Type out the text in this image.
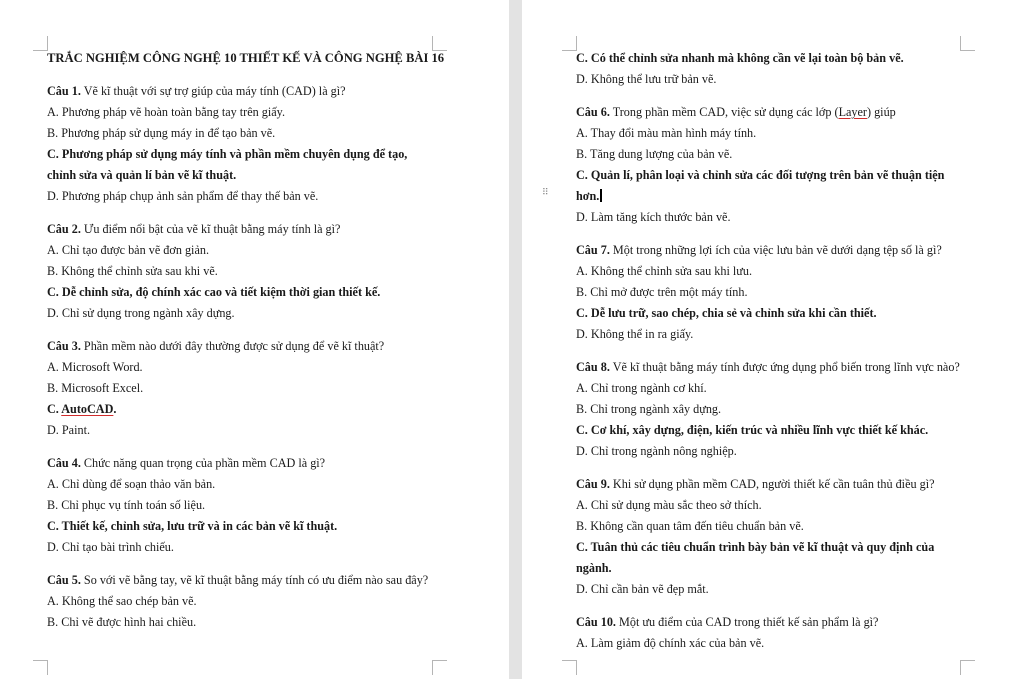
TRẮC NGHIỆM CÔNG NGHỆ 10 THIẾT KẾ VÀ CÔNG NGHỆ BÀI 16
Câu 1. Vẽ kĩ thuật với sự trợ giúp của máy tính (CAD) là gì?
A. Phương pháp vẽ hoàn toàn bằng tay trên giấy.
B. Phương pháp sử dụng máy in để tạo bản vẽ.
C. Phương pháp sử dụng máy tính và phần mềm chuyên dụng để tạo,
chỉnh sửa và quản lí bản vẽ kĩ thuật.
D. Phương pháp chụp ảnh sản phẩm để thay thế bản vẽ.
Câu 2. Ưu điểm nổi bật của vẽ kĩ thuật bằng máy tính là gì?
A. Chỉ tạo được bản vẽ đơn giản.
B. Không thể chỉnh sửa sau khi vẽ.
C. Dễ chỉnh sửa, độ chính xác cao và tiết kiệm thời gian thiết kế.
D. Chỉ sử dụng trong ngành xây dựng.
Câu 3. Phần mềm nào dưới đây thường được sử dụng để vẽ kĩ thuật?
A. Microsoft Word.
B. Microsoft Excel.
C. AutoCAD.
D. Paint.
Câu 4. Chức năng quan trọng của phần mềm CAD là gì?
A. Chỉ dùng để soạn thảo văn bản.
B. Chỉ phục vụ tính toán số liệu.
C. Thiết kế, chỉnh sửa, lưu trữ và in các bản vẽ kĩ thuật.
D. Chỉ tạo bài trình chiếu.
Câu 5. So với vẽ bằng tay, vẽ kĩ thuật bằng máy tính có ưu điểm nào sau đây?
A. Không thể sao chép bản vẽ.
B. Chỉ vẽ được hình hai chiều.
⠿
C. Có thể chỉnh sửa nhanh mà không cần vẽ lại toàn bộ bản vẽ.
D. Không thể lưu trữ bản vẽ.
Câu 6. Trong phần mềm CAD, việc sử dụng các lớp (Layer) giúp
A. Thay đổi màu màn hình máy tính.
B. Tăng dung lượng của bản vẽ.
C. Quản lí, phân loại và chỉnh sửa các đối tượng trên bản vẽ thuận tiện
hơn.
D. Làm tăng kích thước bản vẽ.
Câu 7. Một trong những lợi ích của việc lưu bản vẽ dưới dạng tệp số là gì?
A. Không thể chỉnh sửa sau khi lưu.
B. Chỉ mở được trên một máy tính.
C. Dễ lưu trữ, sao chép, chia sẻ và chỉnh sửa khi cần thiết.
D. Không thể in ra giấy.
Câu 8. Vẽ kĩ thuật bằng máy tính được ứng dụng phổ biến trong lĩnh vực nào?
A. Chỉ trong ngành cơ khí.
B. Chỉ trong ngành xây dựng.
C. Cơ khí, xây dựng, điện, kiến trúc và nhiều lĩnh vực thiết kế khác.
D. Chỉ trong ngành nông nghiệp.
Câu 9. Khi sử dụng phần mềm CAD, người thiết kế cần tuân thủ điều gì?
A. Chỉ sử dụng màu sắc theo sở thích.
B. Không cần quan tâm đến tiêu chuẩn bản vẽ.
C. Tuân thủ các tiêu chuẩn trình bày bản vẽ kĩ thuật và quy định của
ngành.
D. Chỉ cần bản vẽ đẹp mắt.
Câu 10. Một ưu điểm của CAD trong thiết kế sản phẩm là gì?
A. Làm giảm độ chính xác của bản vẽ.
